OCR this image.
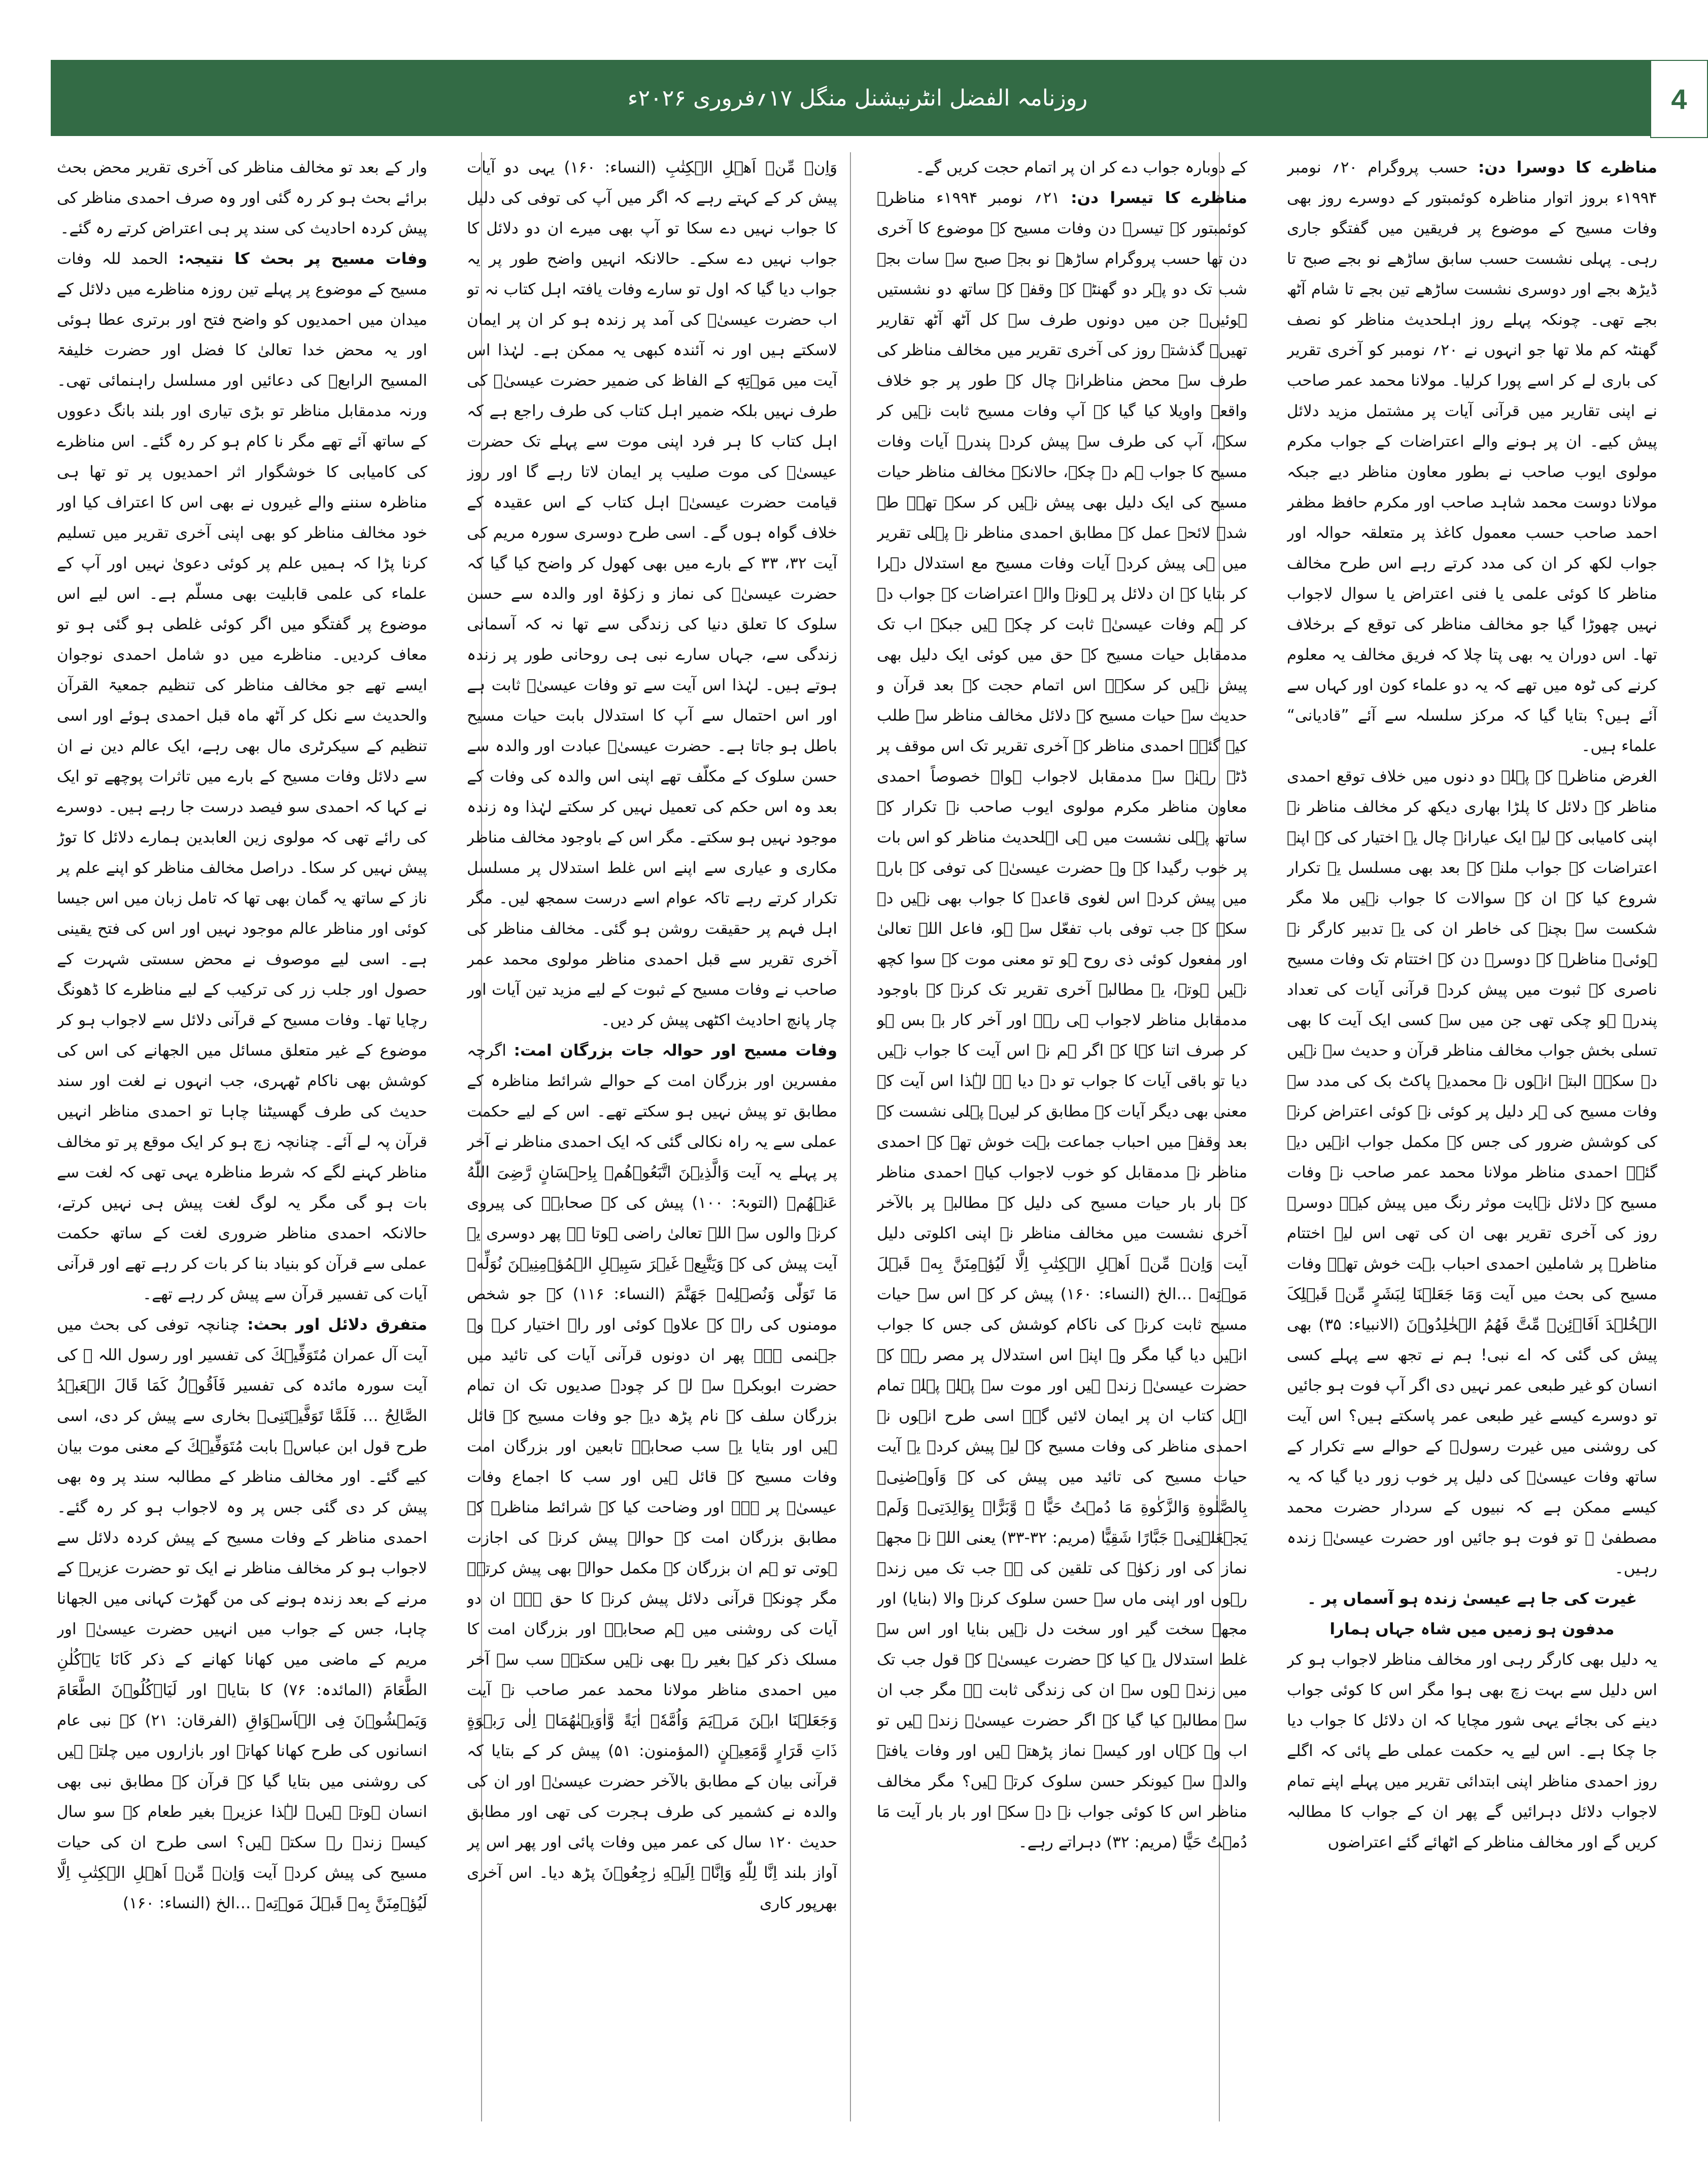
روزنامہ الفضل انٹرنیشنل منگل ۱۷؍فروری ۲۰۲۶ء	4

مناظرے کا دوسرا دن: حسب پروگرام ۲۰؍ نومبر ۱۹۹۴ء بروز اتوار مناظرہ کوئمبتور کے دوسرے روز بھی وفات مسیح کے موضوع پر فریقین میں گفتگو جاری رہی۔ پہلی نشست حسب سابق ساڑھے نو بجے صبح تا ڈیڑھ بجے اور دوسری نشست ساڑھے تین بجے تا شام آٹھ بجے تھی۔ چونکہ پہلے روز اہلحدیث مناظر کو نصف گھنٹہ کم ملا تھا جو انہوں نے ۲۰؍ نومبر کو آخری تقریر کی باری لے کر اسے پورا کرلیا۔ مولانا محمد عمر صاحب نے اپنی تقاریر میں قرآنی آیات پر مشتمل مزید دلائل پیش کیے۔ ان پر ہونے والے اعتراضات کے جواب مکرم مولوی ایوب صاحب نے بطور معاون مناظر دیے جبکہ مولانا دوست محمد شاہد صاحب اور مکرم حافظ مظفر احمد صاحب حسب معمول کاغذ پر متعلقہ حوالہ اور جواب لکھ کر ان کی مدد کرتے رہے اس طرح مخالف مناظر کا کوئی علمی یا فنی اعتراض یا سوال لاجواب نہیں چھوڑا گیا جو مخالف مناظر کی توقع کے برخلاف تھا۔ اس دوران یہ بھی پتا چلا کہ فریق مخالف یہ معلوم کرنے کی ٹوہ میں تھے کہ یہ دو علماء کون اور کہاں سے آئے ہیں؟ بتایا گیا کہ مرکز سلسلہ سے آئے ”قادیانی“ علماء ہیں۔

الغرض مناظرے کے پہلے دو دنوں میں خلاف توقع احمدی مناظر کے دلائل کا پلڑا بھاری دیکھ کر مخالف مناظر نے اپنی کامیابی کے لیے ایک عیارانہ چال یہ اختیار کی کہ اپنے اعتراضات کے جواب ملنے کے بعد بھی مسلسل یہ تکرار شروع کیا کہ ان کے سوالات کا جواب نہیں ملا مگر شکست سے بچنے کی خاطر ان کی یہ تدبیر کارگر نہ ہوئی۔ مناظرے کے دوسرے دن کے اختتام تک وفات مسیح ناصری کے ثبوت میں پیش کردہ قرآنی آیات کی تعداد پندرہ ہو چکی تھی جن میں سے کسی ایک آیت کا بھی تسلی بخش جواب مخالف مناظر قرآن و حدیث سے نہیں دے سکے۔ البتہ انہوں نے محمدیہ پاکٹ بک کی مدد سے وفات مسیح کی ہر دلیل پر کوئی نہ کوئی اعتراض کرنے کی کوشش ضرور کی جس کے مکمل جواب انہیں دیے گئے۔ احمدی مناظر مولانا محمد عمر صاحب نے وفات مسیح کے دلائل نہایت موثر رنگ میں پیش کیے۔ دوسرے روز کی آخری تقریر بھی ان کی تھی اس لیے اختتام مناظرہ پر شاملین احمدی احباب بہت خوش تھے۔ وفات مسیح کی بحث میں آیت وَمَا جَعَلۡنَا لِبَشَرٍ مِّنۡ قَبۡلِکَ الۡخُلۡدَ اَفَا۠ئِنۡ مِّتَّ فَهُمُ الۡخٰلِدُوۡنَ (الانبیاء: ۳۵) بھی پیش کی گئی کہ اے نبی! ہم نے تجھ سے پہلے کسی انسان کو غیر طبعی عمر نہیں دی اگر آپ فوت ہو جائیں تو دوسرے کیسے غیر طبعی عمر پاسکتے ہیں؟ اس آیت کی روشنی میں غیرت رسولؐ کے حوالے سے تکرار کے ساتھ وفات عیسیٰؑ کی دلیل پر خوب زور دیا گیا کہ یہ کیسے ممکن ہے کہ نبیوں کے سردار حضرت محمد مصطفیٰ ﷺ تو فوت ہو جائیں اور حضرت عیسیٰؑ زندہ رہیں۔

غیرت کی جا ہے عیسیٰ زندہ ہو آسماں پر ۔ مدفون ہو زمیں میں شاہ جہاں ہمارا

یہ دلیل بھی کارگر رہی اور مخالف مناظر لاجواب ہو کر اس دلیل سے بہت زچ بھی ہوا مگر اس کا کوئی جواب دینے کی بجائے یہی شور مچایا کہ ان دلائل کا جواب دیا جا چکا ہے۔ اس لیے یہ حکمت عملی طے پائی کہ اگلے روز احمدی مناظر اپنی ابتدائی تقریر میں پہلے اپنے تمام لاجواب دلائل دہرائیں گے پھر ان کے جواب کا مطالبہ کریں گے اور مخالف مناظر کے اٹھائے گئے اعتراضوں

کے دوبارہ جواب دے کر ان پر اتمام حجت کریں گے۔

مناظرے کا تیسرا دن: ۲۱؍ نومبر ۱۹۹۴ء مناظرہ کوئمبتور کے تیسرے دن وفات مسیح کے موضوع کا آخری دن تھا حسب پروگرام ساڑھے نو بجے صبح سے سات بجے شب تک دو پہر دو گھنٹے کے وقفہ کے ساتھ دو نشستیں ہوئیں۔ جن میں دونوں طرف سے کل آٹھ آٹھ تقاریر تھیں۔ گذشتہ روز کی آخری تقریر میں مخالف مناظر کی طرف سے محض مناظرانہ چال کے طور پر جو خلاف واقعہ واویلا کیا گیا کہ آپ وفات مسیح ثابت نہیں کر سکے، آپ کی طرف سے پیش کردہ پندرہ آیات وفات مسیح کا جواب ہم دے چکے، حالانکہ مخالف مناظر حیات مسیح کی ایک دلیل بھی پیش نہیں کر سکے تھے۔ طے شدہ لائحہ عمل کے مطابق احمدی مناظر نے پہلی تقریر میں ہی پیش کردہ آیات وفات مسیح مع استدلال دہرا کر بتایا کہ ان دلائل پر ہونے والے اعتراضات کے جواب دے کر ہم وفات عیسیٰؑ ثابت کر چکے ہیں جبکہ اب تک مدمقابل حیات مسیح کے حق میں کوئی ایک دلیل بھی پیش نہیں کر سکے۔ اس اتمام حجت کے بعد قرآن و حدیث سے حیات مسیح کے دلائل مخالف مناظر سے طلب کیے گئے۔ احمدی مناظر کے آخری تقریر تک اس موقف پر ڈٹے رہنے سے مدمقابل لاجواب ہوا۔ خصوصاً احمدی معاون مناظر مکرم مولوی ایوب صاحب نے تکرار کے ساتھ پہلی نشست میں ہی اہلحدیث مناظر کو اس بات پر خوب رگیدا کہ وہ حضرت عیسیٰؑ کی توفی کے بارے میں پیش کردہ اس لغوی قاعدے کا جواب بھی نہیں دے سکے کہ جب توفی باب تفعّل سے ہو، فاعل اللہ تعالیٰ اور مفعول کوئی ذی روح ہو تو معنی موت کے سوا کچھ نہیں ہوتے، یہ مطالبہ آخری تقریر تک کرنے کے باوجود مدمقابل مناظر لاجواب ہی رہے اور آخر کار بے بس ہو کر صرف اتنا کہا کہ اگر ہم نے اس آیت کا جواب نہیں دیا تو باقی آیات کا جواب تو دے دیا ہے لہٰذا اس آیت کے معنی بھی دیگر آیات کے مطابق کر لیں۔ پہلی نشست کے بعد وقفہ میں احباب جماعت بہت خوش تھے کہ احمدی مناظر نے مدمقابل کو خوب لاجواب کیا۔ احمدی مناظر کے بار بار حیات مسیح کی دلیل کے مطالبہ پر بالآخر آخری نشست میں مخالف مناظر نے اپنی اکلوتی دلیل آیت وَاِنۡ مِّنۡ اَهۡلِ الۡكِتٰبِ اِلَّا لَيُؤۡمِنَنَّ بِهٖ قَبۡلَ مَوۡتِهٖ …الخ (النساء: ۱۶۰) پیش کر کے اس سے حیات مسیح ثابت کرنے کی ناکام کوشش کی جس کا جواب انہیں دیا گیا مگر وہ اپنے اس استدلال پر مصر رہے کہ حضرت عیسیٰؑ زندہ ہیں اور موت سے پہلے پہلے تمام اہل کتاب ان پر ایمان لائیں گے۔ اسی طرح انہوں نے احمدی مناظر کی وفات مسیح کے لیے پیش کردہ یہ آیت حیات مسیح کی تائید میں پیش کی کہ وَاَوۡصٰنِیۡ بِالصَّلٰوةِ وَالزَّكٰوةِ مَا دُمۡتُ حَيًّا ۔ وَّبَرًّاۢ بِوَالِدَتِیۡ وَلَمۡ يَجۡعَلۡنِیۡ جَبَّارًا شَقِيًّا (مریم: ۳۲-۳۳) یعنی اللہ نے مجھے نماز کی اور زکوٰۃ کی تلقین کی ہے جب تک میں زندہ رہوں اور اپنی ماں سے حسن سلوک کرنے والا (بنایا) اور مجھے سخت گیر اور سخت دل نہیں بنایا اور اس سے غلط استدلال یہ کیا کہ حضرت عیسیٰؑ کے قول جب تک میں زندہ ہوں سے ان کی زندگی ثابت ہے مگر جب ان سے مطالبہ کیا گیا کہ اگر حضرت عیسیٰؑ زندہ ہیں تو اب وہ کہاں اور کیسے نماز پڑھتے ہیں اور وفات یافتہ والدہ سے کیونکر حسن سلوک کرتے ہیں؟ مگر مخالف مناظر اس کا کوئی جواب نہ دے سکے اور بار بار آیت مَا دُمۡتُ حَيًّا (مریم: ۳۲) دہراتے رہے۔

وَاِنۡ مِّنۡ اَهۡلِ الۡكِتٰبِ (النساء: ۱۶۰) یہی دو آیات پیش کر کے کہتے رہے کہ اگر میں آپ کی توفی کی دلیل کا جواب نہیں دے سکا تو آپ بھی میرے ان دو دلائل کا جواب نہیں دے سکے۔ حالانکہ انہیں واضح طور پر یہ جواب دیا گیا کہ اول تو سارے وفات یافتہ اہل کتاب نہ تو اب حضرت عیسیٰؑ کی آمد پر زندہ ہو کر ان پر ایمان لاسکتے ہیں اور نہ آئندہ کبھی یہ ممکن ہے۔ لہٰذا اس آیت میں مَوۡتِهٖ کے الفاظ کی ضمیر حضرت عیسیٰؑ کی طرف نہیں بلکہ ضمیر اہل کتاب کی طرف راجع ہے کہ اہل کتاب کا ہر فرد اپنی موت سے پہلے تک حضرت عیسیٰؑ کی موت صلیب پر ایمان لاتا رہے گا اور روز قیامت حضرت عیسیٰؑ اہل کتاب کے اس عقیدہ کے خلاف گواہ ہوں گے۔ اسی طرح دوسری سورہ مریم کی آیت ۳۲، ۳۳ کے بارے میں بھی کھول کر واضح کیا گیا کہ حضرت عیسیٰؑ کی نماز و زکوٰۃ اور والدہ سے حسن سلوک کا تعلق دنیا کی زندگی سے تھا نہ کہ آسمانی زندگی سے، جہاں سارے نبی ہی روحانی طور پر زندہ ہوتے ہیں۔ لہٰذا اس آیت سے تو وفات عیسیٰؑ ثابت ہے اور اس احتمال سے آپ کا استدلال بابت حیات مسیح باطل ہو جاتا ہے۔ حضرت عیسیٰؑ عبادت اور والدہ سے حسن سلوک کے مکلّف تھے اپنی اس والدہ کی وفات کے بعد وہ اس حکم کی تعمیل نہیں کر سکتے لہٰذا وہ زندہ موجود نہیں ہو سکتے۔ مگر اس کے باوجود مخالف مناظر مکاری و عیاری سے اپنے اس غلط استدلال پر مسلسل تکرار کرتے رہے تاکہ عوام اسے درست سمجھ لیں۔ مگر اہل فہم پر حقیقت روشن ہو گئی۔ مخالف مناظر کی آخری تقریر سے قبل احمدی مناظر مولوی محمد عمر صاحب نے وفات مسیح کے ثبوت کے لیے مزید تین آیات اور چار پانچ احادیث اکٹھی پیش کر دیں۔

وفات مسیح اور حوالہ جات بزرگان امت: اگرچہ مفسرین اور بزرگان امت کے حوالے شرائط مناظرہ کے مطابق تو پیش نہیں ہو سکتے تھے۔ اس کے لیے حکمت عملی سے یہ راہ نکالی گئی کہ ایک احمدی مناظر نے آخر پر پہلے یہ آیت وَالَّذِيۡنَ اتَّبَعُوۡهُمۡ بِاِحۡسَانٍ رَّضِیَ اللّٰهُ عَنۡهُمۡ (التوبۃ: ۱۰۰) پیش کی کہ صحابہؓ کی پیروی کرنے والوں سے اللہ تعالیٰ راضی ہوتا ہے پھر دوسری یہ آیت پیش کی کہ وَيَتَّبِعۡ غَيۡرَ سَبِيۡلِ الۡمُؤۡمِنِيۡنَ نُوَلِّهٖ مَا تَوَلّٰى وَنُصۡلِهٖ جَهَنَّمَ (النساء: ۱۱۶) کہ جو شخص مومنوں کی راہ کے علاوہ کوئی اور راہ اختیار کرے وہ جہنمی ہے۔ پھر ان دونوں قرآنی آیات کی تائید میں حضرت ابوبکرؓ سے لے کر چودہ صدیوں تک ان تمام بزرگان سلف کے نام پڑھ دیے جو وفات مسیح کے قائل ہیں اور بتایا یہ سب صحابہؓ تابعین اور بزرگان امت وفات مسیح کے قائل ہیں اور سب کا اجماع وفات عیسیٰؑ پر ہے۔ اور وضاحت کیا کہ شرائط مناظرہ کے مطابق بزرگان امت کے حوالے پیش کرنے کی اجازت ہوتی تو ہم ان بزرگان کے مکمل حوالے بھی پیش کرتے۔ مگر چونکہ قرآنی دلائل پیش کرنے کا حق ہے۔ ان دو آیات کی روشنی میں ہم صحابہؓ اور بزرگان امت کا مسلک ذکر کیے بغیر رہ بھی نہیں سکتے۔ سب سے آخر میں احمدی مناظر مولانا محمد عمر صاحب نے آیت وَجَعَلۡنَا ابۡنَ مَرۡيَمَ وَاُمَّهٗۤ اٰيَةً وَّاٰوَيۡنٰهُمَاۤ اِلٰى رَبۡوَةٍ ذَاتِ قَرَارٍ وَّمَعِيۡنٍ (المؤمنون: ۵۱) پیش کر کے بتایا کہ قرآنی بیان کے مطابق بالآخر حضرت عیسیٰؑ اور ان کی والدہ نے کشمیر کی طرف ہجرت کی تھی اور مطابق حدیث ۱۲۰ سال کی عمر میں وفات پائی اور پھر اس پر آواز بلند اِنَّا لِلّٰهِ وَاِنَّاۤ اِلَيۡهِ رٰجِعُوۡنَ پڑھ دیا۔ اس آخری بھرپور کاری

وار کے بعد تو مخالف مناظر کی آخری تقریر محض بحث برائے بحث ہو کر رہ گئی اور وہ صرف احمدی مناظر کی پیش کردہ احادیث کی سند پر ہی اعتراض کرتے رہ گئے۔

وفات مسیح پر بحث کا نتیجہ: الحمد للہ وفات مسیح کے موضوع پر پہلے تین روزہ مناظرے میں دلائل کے میدان میں احمدیوں کو واضح فتح اور برتری عطا ہوئی اور یہ محض خدا تعالیٰ کا فضل اور حضرت خلیفۃ المسیح الرابعؒ کی دعائیں اور مسلسل راہنمائی تھی۔ ورنہ مدمقابل مناظر تو بڑی تیاری اور بلند بانگ دعووں کے ساتھ آئے تھے مگر نا کام ہو کر رہ گئے۔ اس مناظرے کی کامیابی کا خوشگوار اثر احمدیوں پر تو تھا ہی مناظرہ سننے والے غیروں نے بھی اس کا اعتراف کیا اور خود مخالف مناظر کو بھی اپنی آخری تقریر میں تسلیم کرنا پڑا کہ ہمیں علم پر کوئی دعویٰ نہیں اور آپ کے علماء کی علمی قابلیت بھی مسلّم ہے۔ اس لیے اس موضوع پر گفتگو میں اگر کوئی غلطی ہو گئی ہو تو معاف کردیں۔ مناظرے میں دو شامل احمدی نوجوان ایسے تھے جو مخالف مناظر کی تنظیم جمعیۃ القرآن والحدیث سے نکل کر آٹھ ماہ قبل احمدی ہوئے اور اسی تنظیم کے سیکرٹری مال بھی رہے، ایک عالم دین نے ان سے دلائل وفات مسیح کے بارے میں تاثرات پوچھے تو ایک نے کہا کہ احمدی سو فیصد درست جا رہے ہیں۔ دوسرے کی رائے تھی کہ مولوی زین العابدین ہمارے دلائل کا توڑ پیش نہیں کر سکا۔ دراصل مخالف مناظر کو اپنے علم پر ناز کے ساتھ یہ گمان بھی تھا کہ تامل زبان میں اس جیسا کوئی اور مناظر عالم موجود نہیں اور اس کی فتح یقینی ہے۔ اسی لیے موصوف نے محض سستی شہرت کے حصول اور جلب زر کی ترکیب کے لیے مناظرے کا ڈھونگ رچایا تھا۔ وفات مسیح کے قرآنی دلائل سے لاجواب ہو کر موضوع کے غیر متعلق مسائل میں الجھانے کی اس کی کوشش بھی ناکام ٹھہری، جب انہوں نے لغت اور سند حدیث کی طرف گھسیٹنا چاہا تو احمدی مناظر انہیں قرآن پہ لے آئے۔ چنانچہ زچ ہو کر ایک موقع پر تو مخالف مناظر کہنے لگے کہ شرط مناظرہ یہی تھی کہ لغت سے بات ہو گی مگر یہ لوگ لغت پیش ہی نہیں کرتے، حالانکہ احمدی مناظر ضروری لغت کے ساتھ حکمت عملی سے قرآن کو بنیاد بنا کر بات کر رہے تھے اور قرآنی آیات کی تفسیر قرآن سے پیش کر رہے تھے۔

متفرق دلائل اور بحث: چنانچہ توفی کی بحث میں آیت آل عمران مُتَوَفِّيۡكَ کی تفسیر اور رسول اللہ ﷺ کی آیت سورہ مائدہ کی تفسیر فَاَقُوۡلُ كَمَا قَالَ الۡعَبۡدُ الصَّالِحُ … فَلَمَّا تَوَفَّيۡتَنِیۡ بخاری سے پیش کر دی، اسی طرح قول ابن عباسؓ بابت مُتَوَفِّيۡكَ کے معنی موت بیان کیے گئے۔ اور مخالف مناظر کے مطالبہ سند پر وہ بھی پیش کر دی گئی جس پر وہ لاجواب ہو کر رہ گئے۔ احمدی مناظر کے وفات مسیح کے پیش کردہ دلائل سے لاجواب ہو کر مخالف مناظر نے ایک تو حضرت عزیرؑ کے مرنے کے بعد زندہ ہونے کی من گھڑت کہانی میں الجھانا چاہا، جس کے جواب میں انہیں حضرت عیسیٰؑ اور مریم کے ماضی میں کھانا کھانے کے ذکر كَانَا يَاۡكُلٰنِ الطَّعَامَ (المائدہ: ۷۶) کا بتایا۔ اور لَيَاۡكُلُوۡنَ الطَّعَامَ وَيَمۡشُوۡنَ فِی الۡاَسۡوَاقِ (الفرقان: ۲۱) کہ نبی عام انسانوں کی طرح کھانا کھاتے اور بازاروں میں چلتے ہیں کی روشنی میں بتایا گیا کہ قرآن کے مطابق نبی بھی انسان ہوتے ہیں۔ لہٰذا عزیرؑ بغیر طعام کے سو سال کیسے زندہ رہ سکتے ہیں؟ اسی طرح ان کی حیات مسیح کی پیش کردہ آیت وَاِنۡ مِّنۡ اَهۡلِ الۡكِتٰبِ اِلَّا لَيُؤۡمِنَنَّ بِهٖ قَبۡلَ مَوۡتِهٖ …الخ (النساء: ۱۶۰)
